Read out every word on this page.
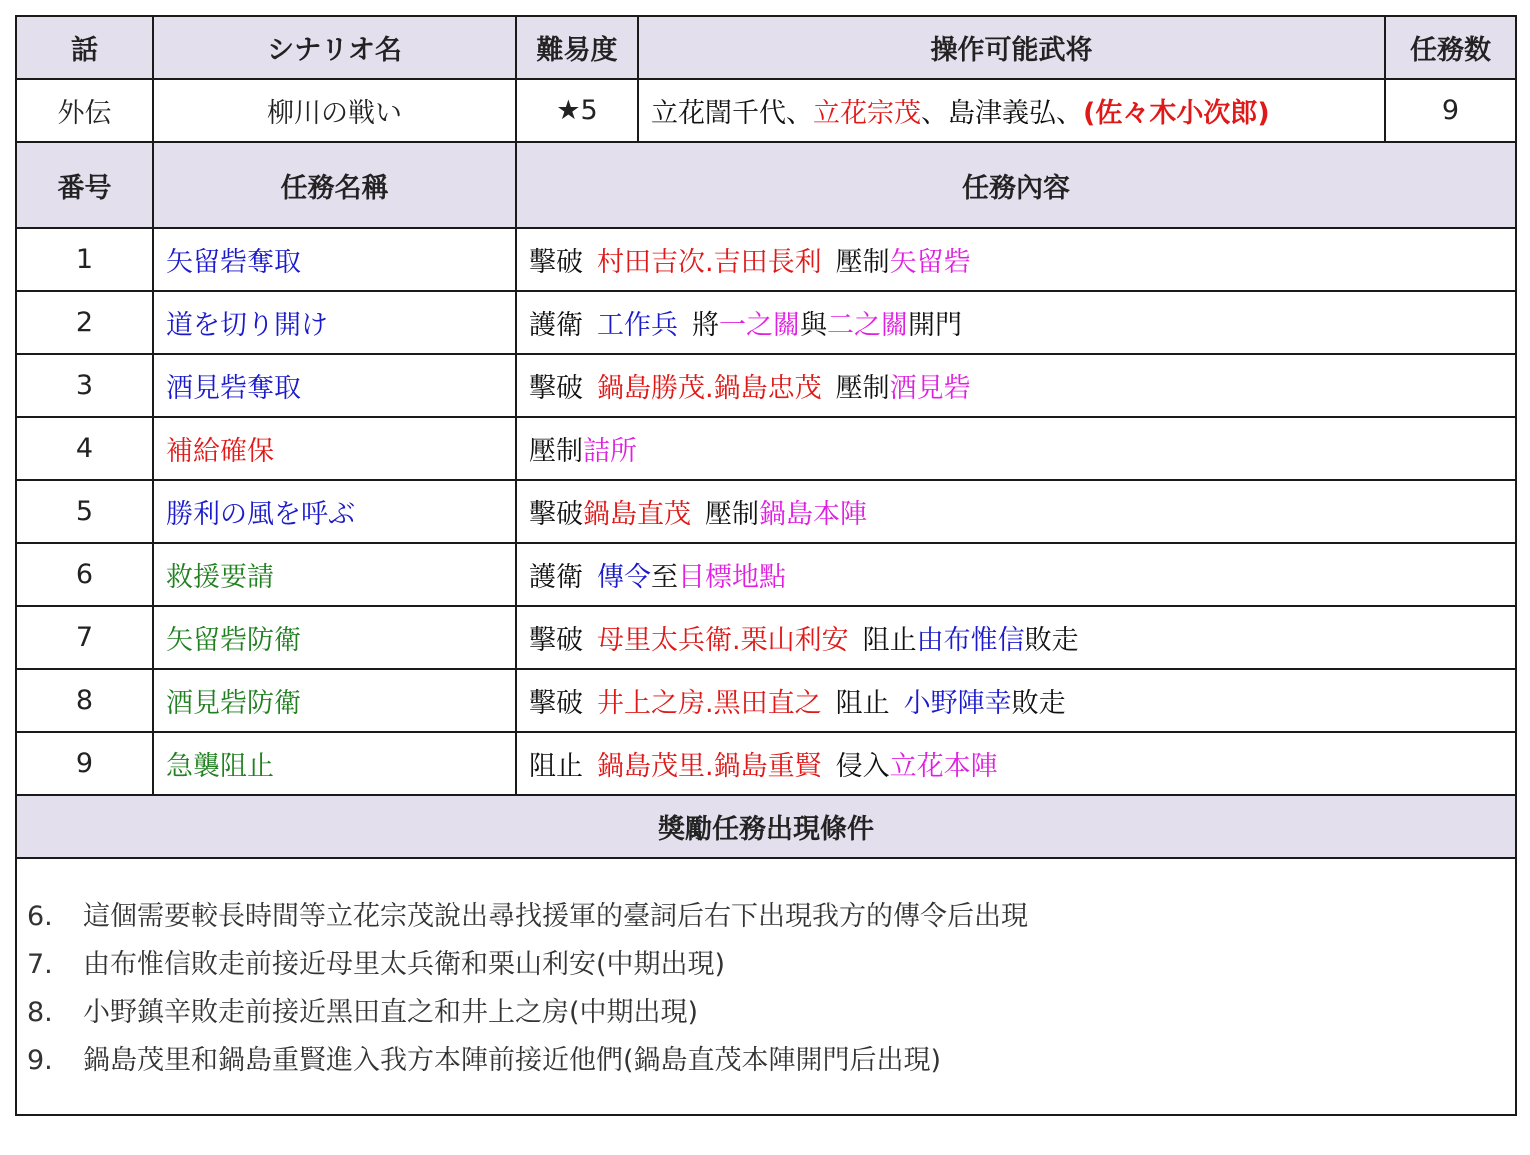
話	シナリオ名	難易度	操作可能武将	任務数
外伝	柳川の戦い	★5	立花誾千代、立花宗茂、島津義弘、(佐々木小次郎)	9
番号	任務名稱	任務內容		
1	矢留砦奪取	擊破 村田吉次.吉田長利 壓制矢留砦		
2	道を切り開け	護衛 工作兵 將一之關與二之關開門		
3	酒見砦奪取	擊破 鍋島勝茂.鍋島忠茂 壓制酒見砦		
4	補給確保	壓制詰所		
5	勝利の風を呼ぶ	擊破鍋島直茂 壓制鍋島本陣		
6	救援要請	護衛 傳令至目標地點		
7	矢留砦防衛	擊破 母里太兵衛.栗山利安 阻止由布惟信敗走		
8	酒見砦防衛	擊破 井上之房.黑田直之 阻止 小野陣幸敗走		
9	急襲阻止	阻止 鍋島茂里.鍋島重賢 侵入立花本陣		
獎勵任務出現條件				

6. 這個需要較長時間等立花宗茂說出尋找援軍的臺詞后右下出現我方的傳令后出現
7. 由布惟信敗走前接近母里太兵衛和栗山利安(中期出現)
8. 小野鎮辛敗走前接近黑田直之和井上之房(中期出現)
9. 鍋島茂里和鍋島重賢進入我方本陣前接近他們(鍋島直茂本陣開門后出現)				
